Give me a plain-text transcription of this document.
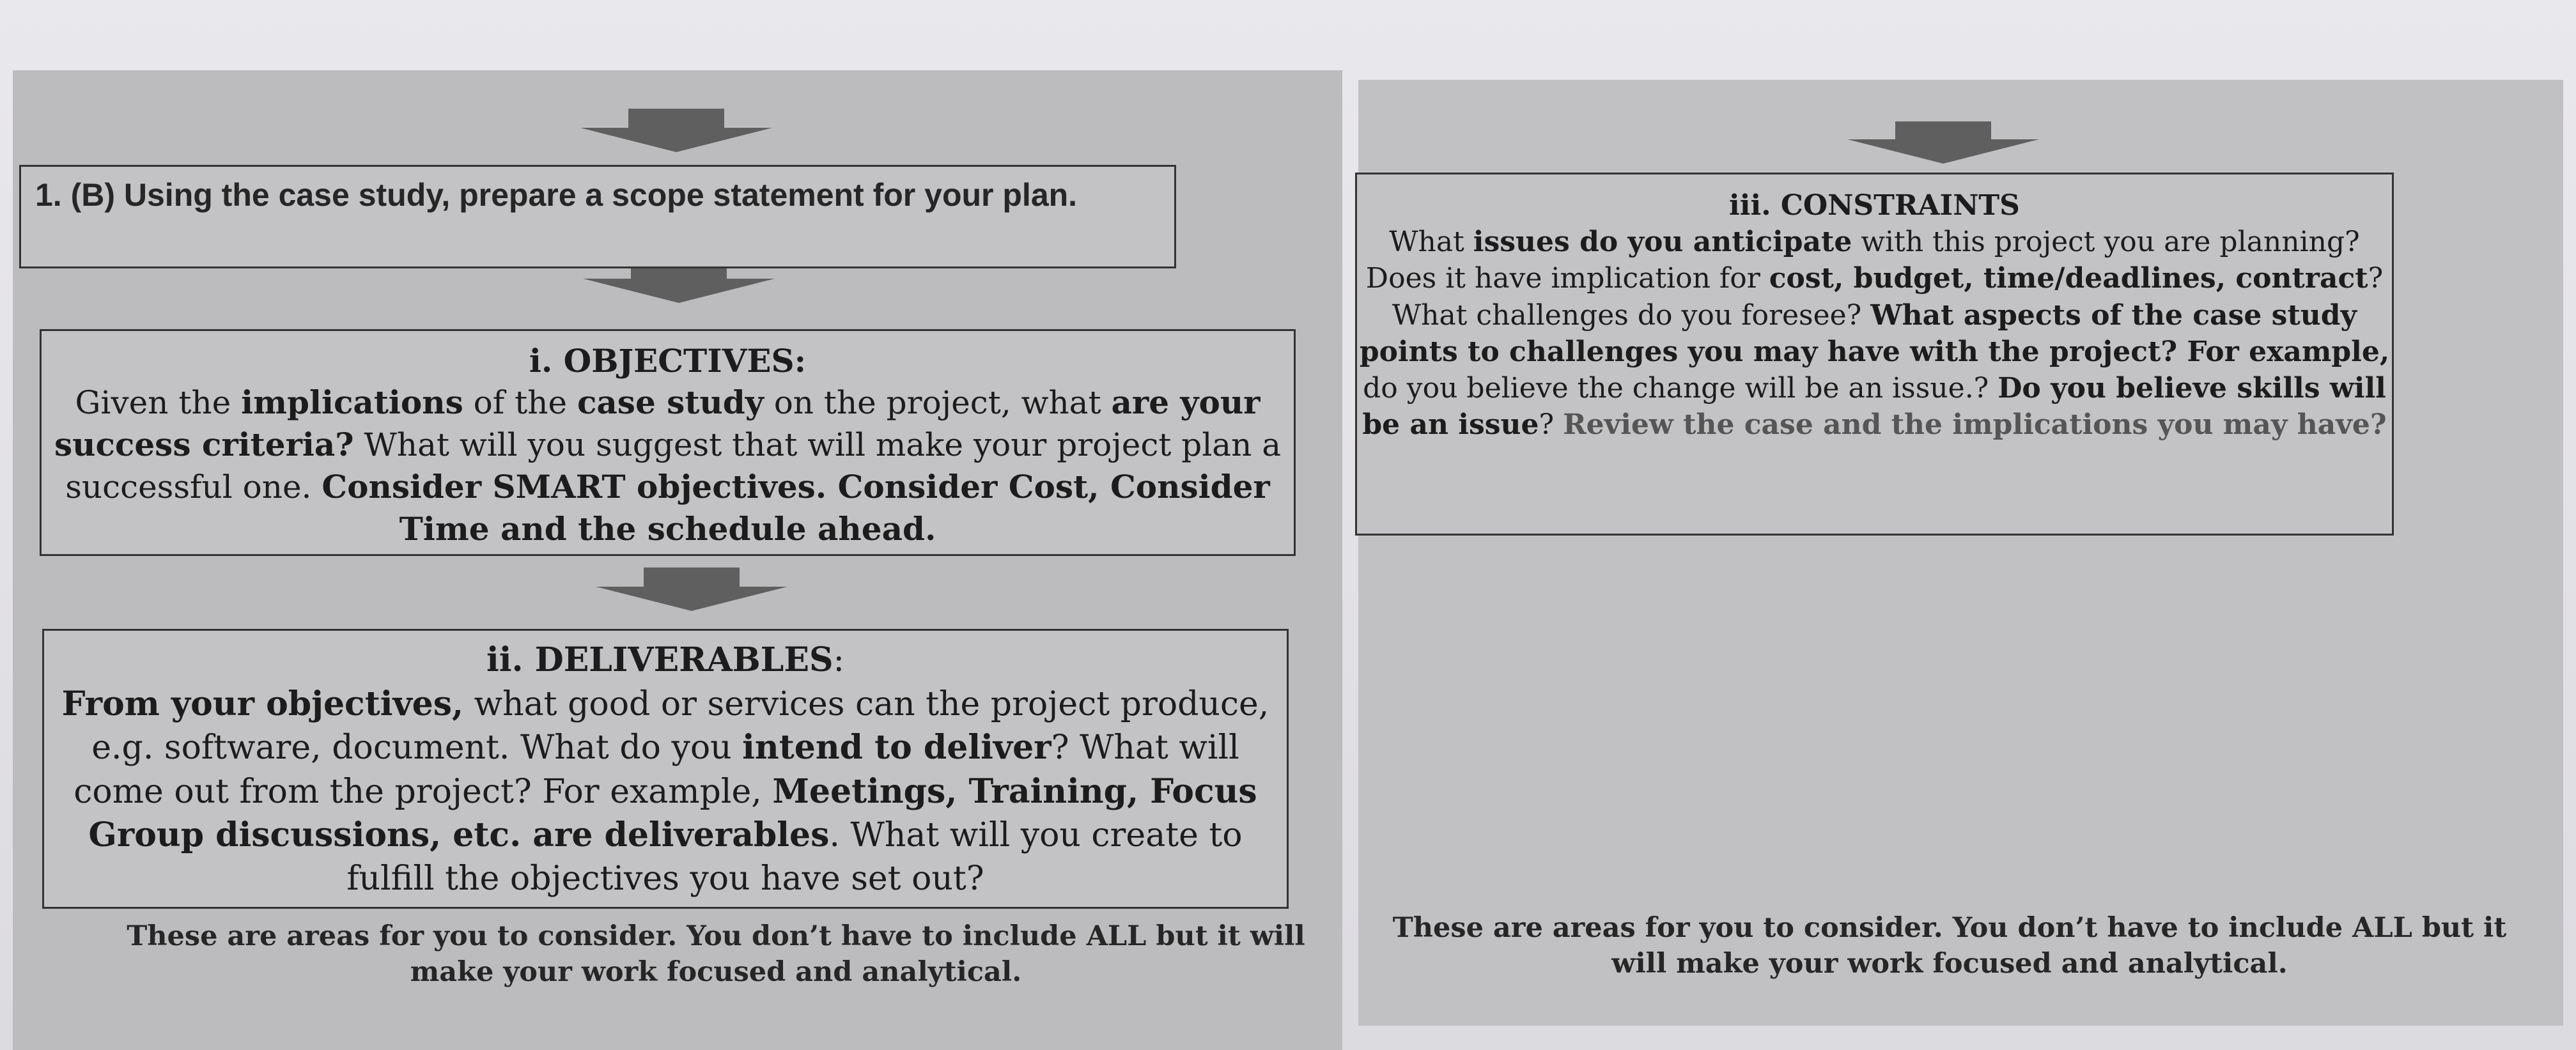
1. (B) Using the case study, prepare a scope statement for your plan.
i. OBJECTIVES:
Given the implications of the case study on the project, what are your success criteria? What will you suggest that will make your project plan a successful one. Consider SMART objectives. Consider Cost, Consider Time and the schedule ahead.
ii. DELIVERABLES:
From your objectives, what good or services can the project produce, e.g. software, document. What do you intend to deliver? What will come out from the project? For example, Meetings, Training, Focus Group discussions, etc. are deliverables. What will you create to fulfill the objectives you have set out?
iii. CONSTRAINTS
What issues do you anticipate with this project you are planning? Does it have implication for cost, budget, time/deadlines, contract? What challenges do you foresee? What aspects of the case study points to challenges you may have with the project? For example, do you believe the change will be an issue.? Do you believe skills will be an issue? Review the case and the implications you may have?
These are areas for you to consider. You don’t have to include ALL but it will make your work focused and analytical.
These are areas for you to consider. You don’t have to include ALL but it will make your work focused and analytical.
